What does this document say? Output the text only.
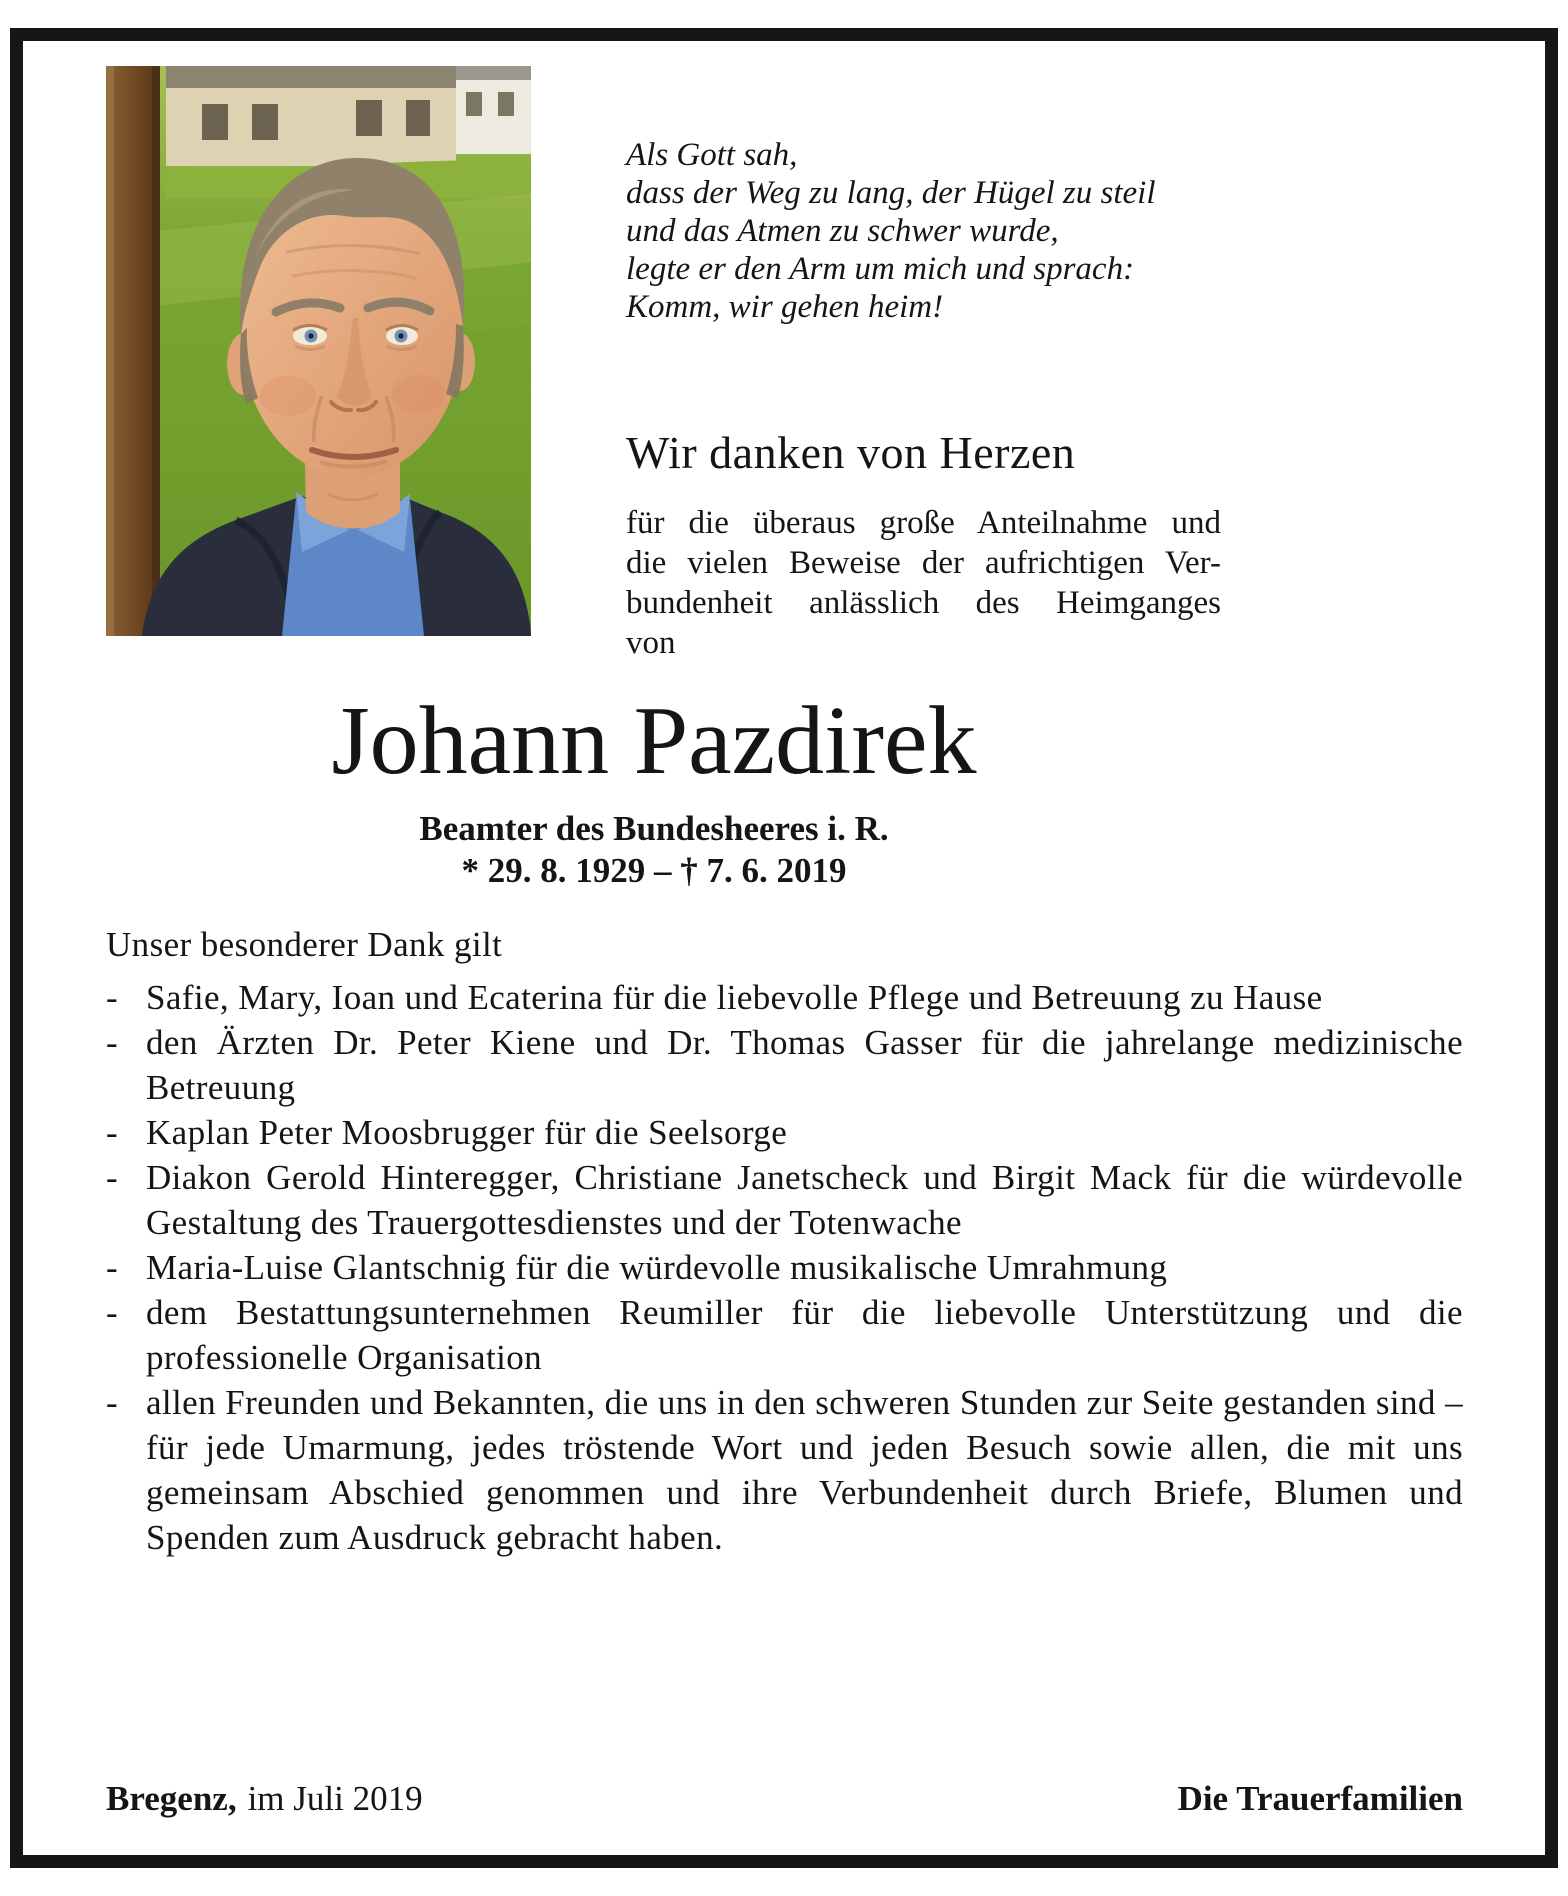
Als Gott sah,
dass der Weg zu lang, der Hügel zu steil
und das Atmen zu schwer wurde,
legte er den Arm um mich und sprach:
Komm, wir gehen heim!
Wir danken von Herzen
für die überaus große Anteilnahme und
die vielen Beweise der aufrichtigen Ver-
bundenheit anlässlich des Heimganges
von
Johann Pazdirek
Beamter des Bundesheeres i. R.
* 29. 8. 1929 – † 7. 6. 2019
Unser besonderer Dank gilt
- Safie, Mary, Ioan und Ecaterina für die liebevolle Pflege und Betreuung zu Hause
- den Ärzten Dr. Peter Kiene und Dr. Thomas Gasser für die jahrelange medizinische Betreuung
- Kaplan Peter Moosbrugger für die Seelsorge
- Diakon Gerold Hinteregger, Christiane Janetscheck und Birgit Mack für die würdevolle Gestaltung des Trauergottesdienstes und der Totenwache
- Maria-Luise Glantschnig für die würdevolle musikalische Umrahmung
- dem Bestattungsunternehmen Reumiller für die liebevolle Unterstützung und die professionelle Organisation
- allen Freunden und Bekannten, die uns in den schweren Stunden zur Seite gestanden sind – für jede Umarmung, jedes tröstende Wort und jeden Besuch sowie allen, die mit uns gemeinsam Abschied genommen und ihre Verbundenheit durch Briefe, Blumen und Spenden zum Ausdruck gebracht haben.
Bregenz, im Juli 2019	Die Trauerfamilien
